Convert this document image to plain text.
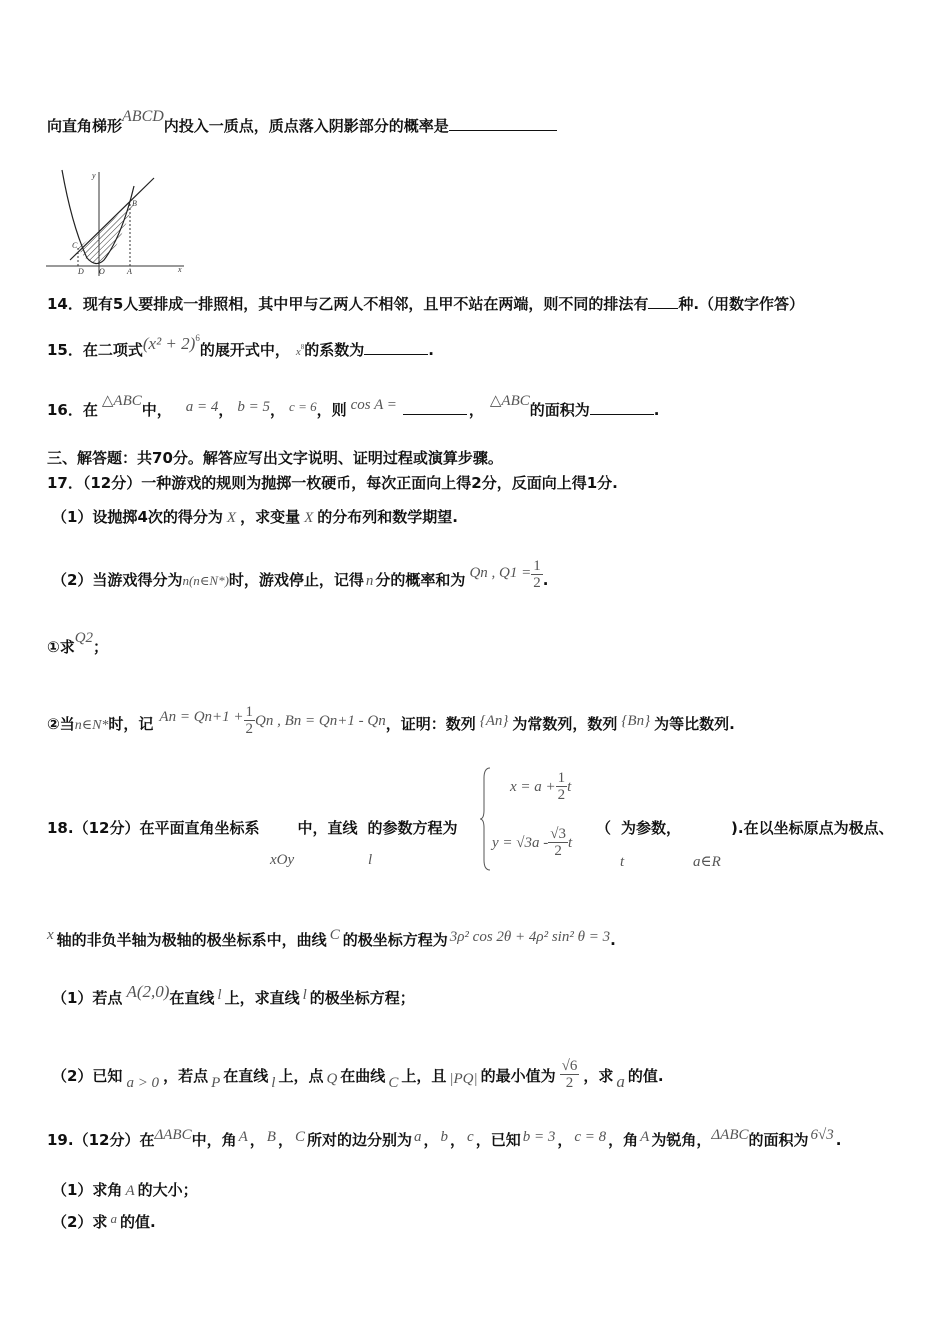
向直角梯形ABCD内投入一质点，质点落入阴影部分的概率是
y
B
C
D O	A	x
14．现有5人要排成一排照相，其中甲与乙两人不相邻，且甲不站在两端，则不同的排法有 种.（用数字作答）
15．在二项式$(x^2 + 2)^6$的展开式中， $x^8$的系数为	.
16．在 △ABC中， a = 4， b = 5， c = 6，则 cos A =	， △ABC的面积为	.
三、解答题：共70分。解答应写出文字说明、证明过程或演算步骤。
17．（12分）一种游戏的规则为抛掷一枚硬币，每次正面向上得2分，反面向上得1分.
（1）设抛掷4次的得分为 X ，求变量 X 的分布列和数学期望.
（2）当游戏得分为n(n∈N*)时，游戏停止，记得 n 分的概率和为 Qn , $Q1 = \frac{1}{2}$ .
①求Q2；
②当n∈N*时，记 $An = Qn+1 + \frac{1}{2}$ Qn , Bn = Qn+1 - Qn，证明：数列 {An} 为常数列，数列 {Bn} 为等比数列.
18.（12分）在平面直角坐标系	中，直线 的参数方程为
xOy	l
$x = a + \frac{1}{2}$ t
$y = √3a - \frac{√3}{2}$ t
（ 为参数，	).在以坐标原点为极点、
t	a∈R
x 轴的非负半轴为极轴的极坐标系中，曲线 C 的极坐标方程为 3ρ² cos 2θ + 4ρ² sin² θ = 3.
（1）若点 A(2,0)在直线 l 上，求直线 l 的极坐标方程；
（2）已知 a > 0 ，若点 P 在直线 l 上，点 Q 在曲线 C 上，且 |PQ| 的最小值为 $\frac{√6}{2}$ ，求 a 的值.
19.（12分）在ΔABC中，角 A ， B ， C 所对的边分别为 a ， b ， c ，已知 b = 3 ， c = 8 ，角 A 为锐角，ΔABC的面积为 6√3 .
（1）求角 A 的大小；
（2）求 a 的值.
